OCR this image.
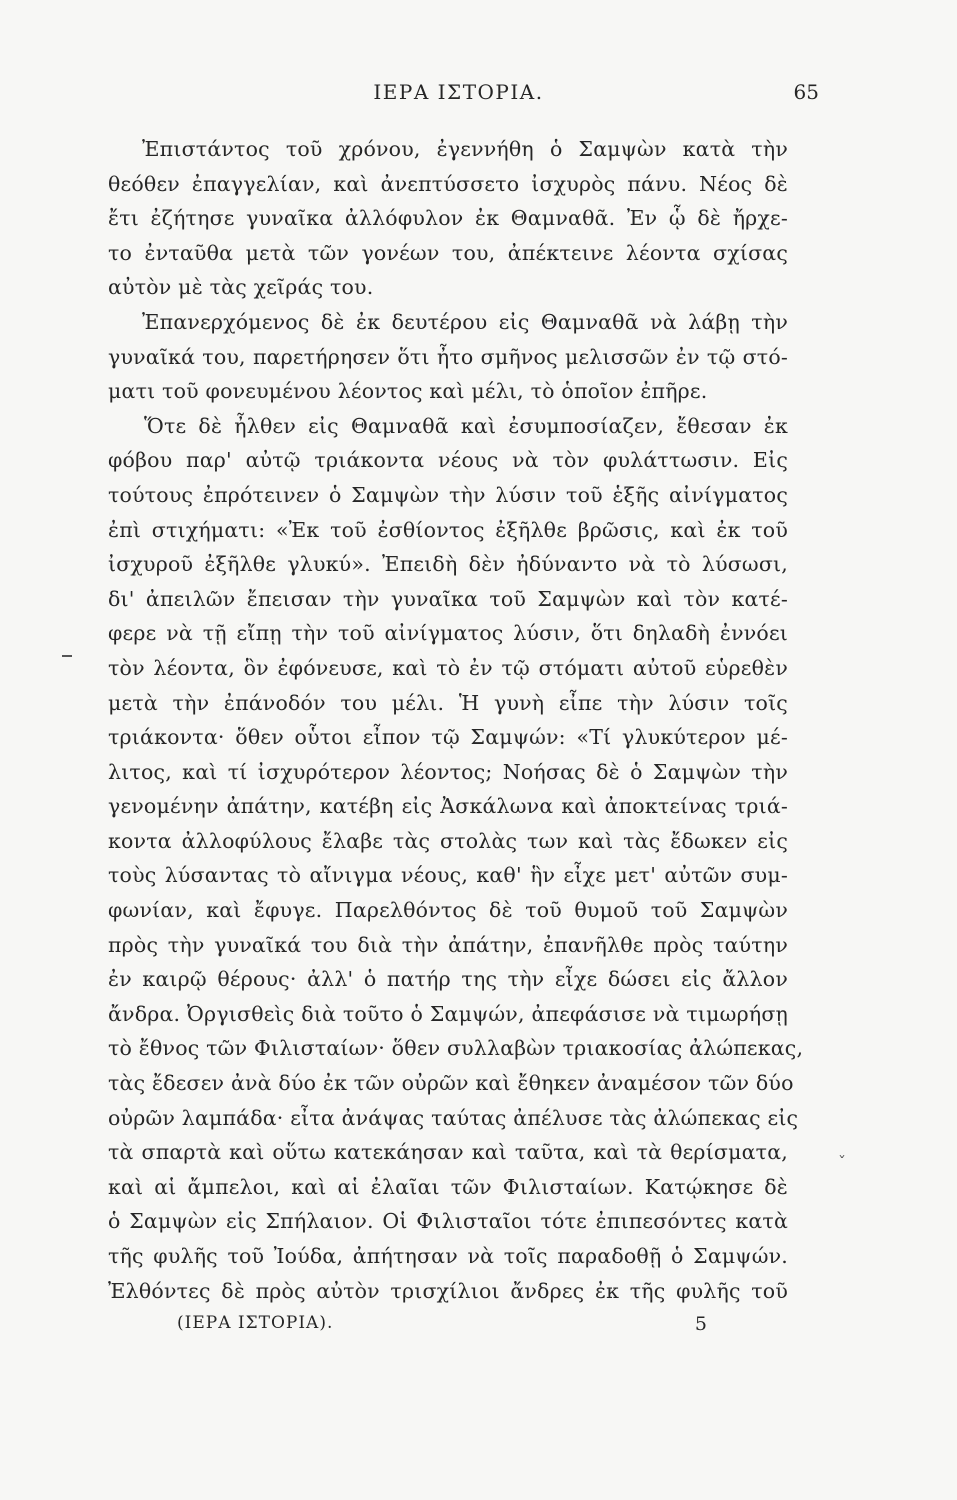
ΙΕΡΑ ΙΣΤΟΡΙΑ.	65
Ἐπιστάντος τοῦ χρόνου, ἐγεννήθη ὁ Σαμψὼν κατὰ τὴν
θεόθεν ἐπαγγελίαν, καὶ ἀνεπτύσσετο ἰσχυρὸς πάνυ. Νέος δὲ
ἔτι ἐζήτησε γυναῖκα ἀλλόφυλον ἐκ Θαμναθᾶ. Ἐν ᾧ δὲ ἤρχε-
το ἐνταῦθα μετὰ τῶν γονέων του, ἀπέκτεινε λέοντα σχίσας
αὐτὸν μὲ τὰς χεῖράς του.
Ἐπανερχόμενος δὲ ἐκ δευτέρου εἰς Θαμναθᾶ νὰ λάβῃ τὴν
γυναῖκά του, παρετήρησεν ὅτι ἦτο σμῆνος μελισσῶν ἐν τῷ στό-
ματι τοῦ φονευμένου λέοντος καὶ μέλι, τὸ ὁποῖον ἐπῆρε.
Ὅτε δὲ ἦλθεν εἰς Θαμναθᾶ καὶ ἐσυμποσίαζεν, ἔθεσαν ἐκ
φόβου παρ' αὐτῷ τριάκοντα νέους νὰ τὸν φυλάττωσιν. Εἰς
τούτους ἐπρότεινεν ὁ Σαμψὼν τὴν λύσιν τοῦ ἑξῆς αἰνίγματος
ἐπὶ στιχήματι: «Ἐκ τοῦ ἐσθίοντος ἐξῆλθε βρῶσις, καὶ ἐκ τοῦ
ἰσχυροῦ ἐξῆλθε γλυκύ». Ἐπειδὴ δὲν ἠδύναντο νὰ τὸ λύσωσι,
δι' ἀπειλῶν ἔπεισαν τὴν γυναῖκα τοῦ Σαμψὼν καὶ τὸν κατέ-
φερε νὰ τῇ εἴπῃ τὴν τοῦ αἰνίγματος λύσιν, ὅτι δηλαδὴ ἐννόει
τὸν λέοντα, ὃν ἐφόνευσε, καὶ τὸ ἐν τῷ στόματι αὐτοῦ εὑρεθὲν
μετὰ τὴν ἐπάνοδόν του μέλι. Ἡ γυνὴ εἶπε τὴν λύσιν τοῖς
τριάκοντα· ὅθεν οὗτοι εἶπον τῷ Σαμψών: «Τί γλυκύτερον μέ-
λιτος, καὶ τί ἰσχυρότερον λέοντος; Νοήσας δὲ ὁ Σαμψὼν τὴν
γενομένην ἀπάτην, κατέβη εἰς Ἀσκάλωνα καὶ ἀποκτείνας τριά-
κοντα ἀλλοφύλους ἔλαβε τὰς στολὰς των καὶ τὰς ἔδωκεν εἰς
τοὺς λύσαντας τὸ αἴνιγμα νέους, καθ' ἣν εἶχε μετ' αὐτῶν συμ-
φωνίαν, καὶ ἔφυγε. Παρελθόντος δὲ τοῦ θυμοῦ τοῦ Σαμψὼν
πρὸς τὴν γυναῖκά του διὰ τὴν ἀπάτην, ἐπανῆλθε πρὸς ταύτην
ἐν καιρῷ θέρους· ἀλλ' ὁ πατήρ της τὴν εἶχε δώσει εἰς ἄλλον
ἄνδρα. Ὀργισθεὶς διὰ τοῦτο ὁ Σαμψών, ἀπεφάσισε νὰ τιμωρήσῃ
τὸ ἔθνος τῶν Φιλισταίων· ὅθεν συλλαβὼν τριακοσίας ἀλώπεκας,
τὰς ἔδεσεν ἀνὰ δύο ἐκ τῶν οὐρῶν καὶ ἔθηκεν ἀναμέσον τῶν δύο
οὐρῶν λαμπάδα· εἶτα ἀνάψας ταύτας ἀπέλυσε τὰς ἀλώπεκας εἰς
τὰ σπαρτὰ καὶ οὕτω κατεκάησαν καὶ ταῦτα, καὶ τὰ θερίσματα,
καὶ αἱ ἄμπελοι, καὶ αἱ ἐλαῖαι τῶν Φιλισταίων. Κατῴκησε δὲ
ὁ Σαμψὼν εἰς Σπήλαιον. Οἱ Φιλισταῖοι τότε ἐπιπεσόντες κατὰ
τῆς φυλῆς τοῦ Ἰούδα, ἀπήτησαν νὰ τοῖς παραδοθῇ ὁ Σαμψών.
Ἐλθόντες δὲ πρὸς αὐτὸν τρισχίλιοι ἄνδρες ἐκ τῆς φυλῆς τοῦ
ˇ
(ΙΕΡΑ ΙΣΤΟΡΙΑ).	5
